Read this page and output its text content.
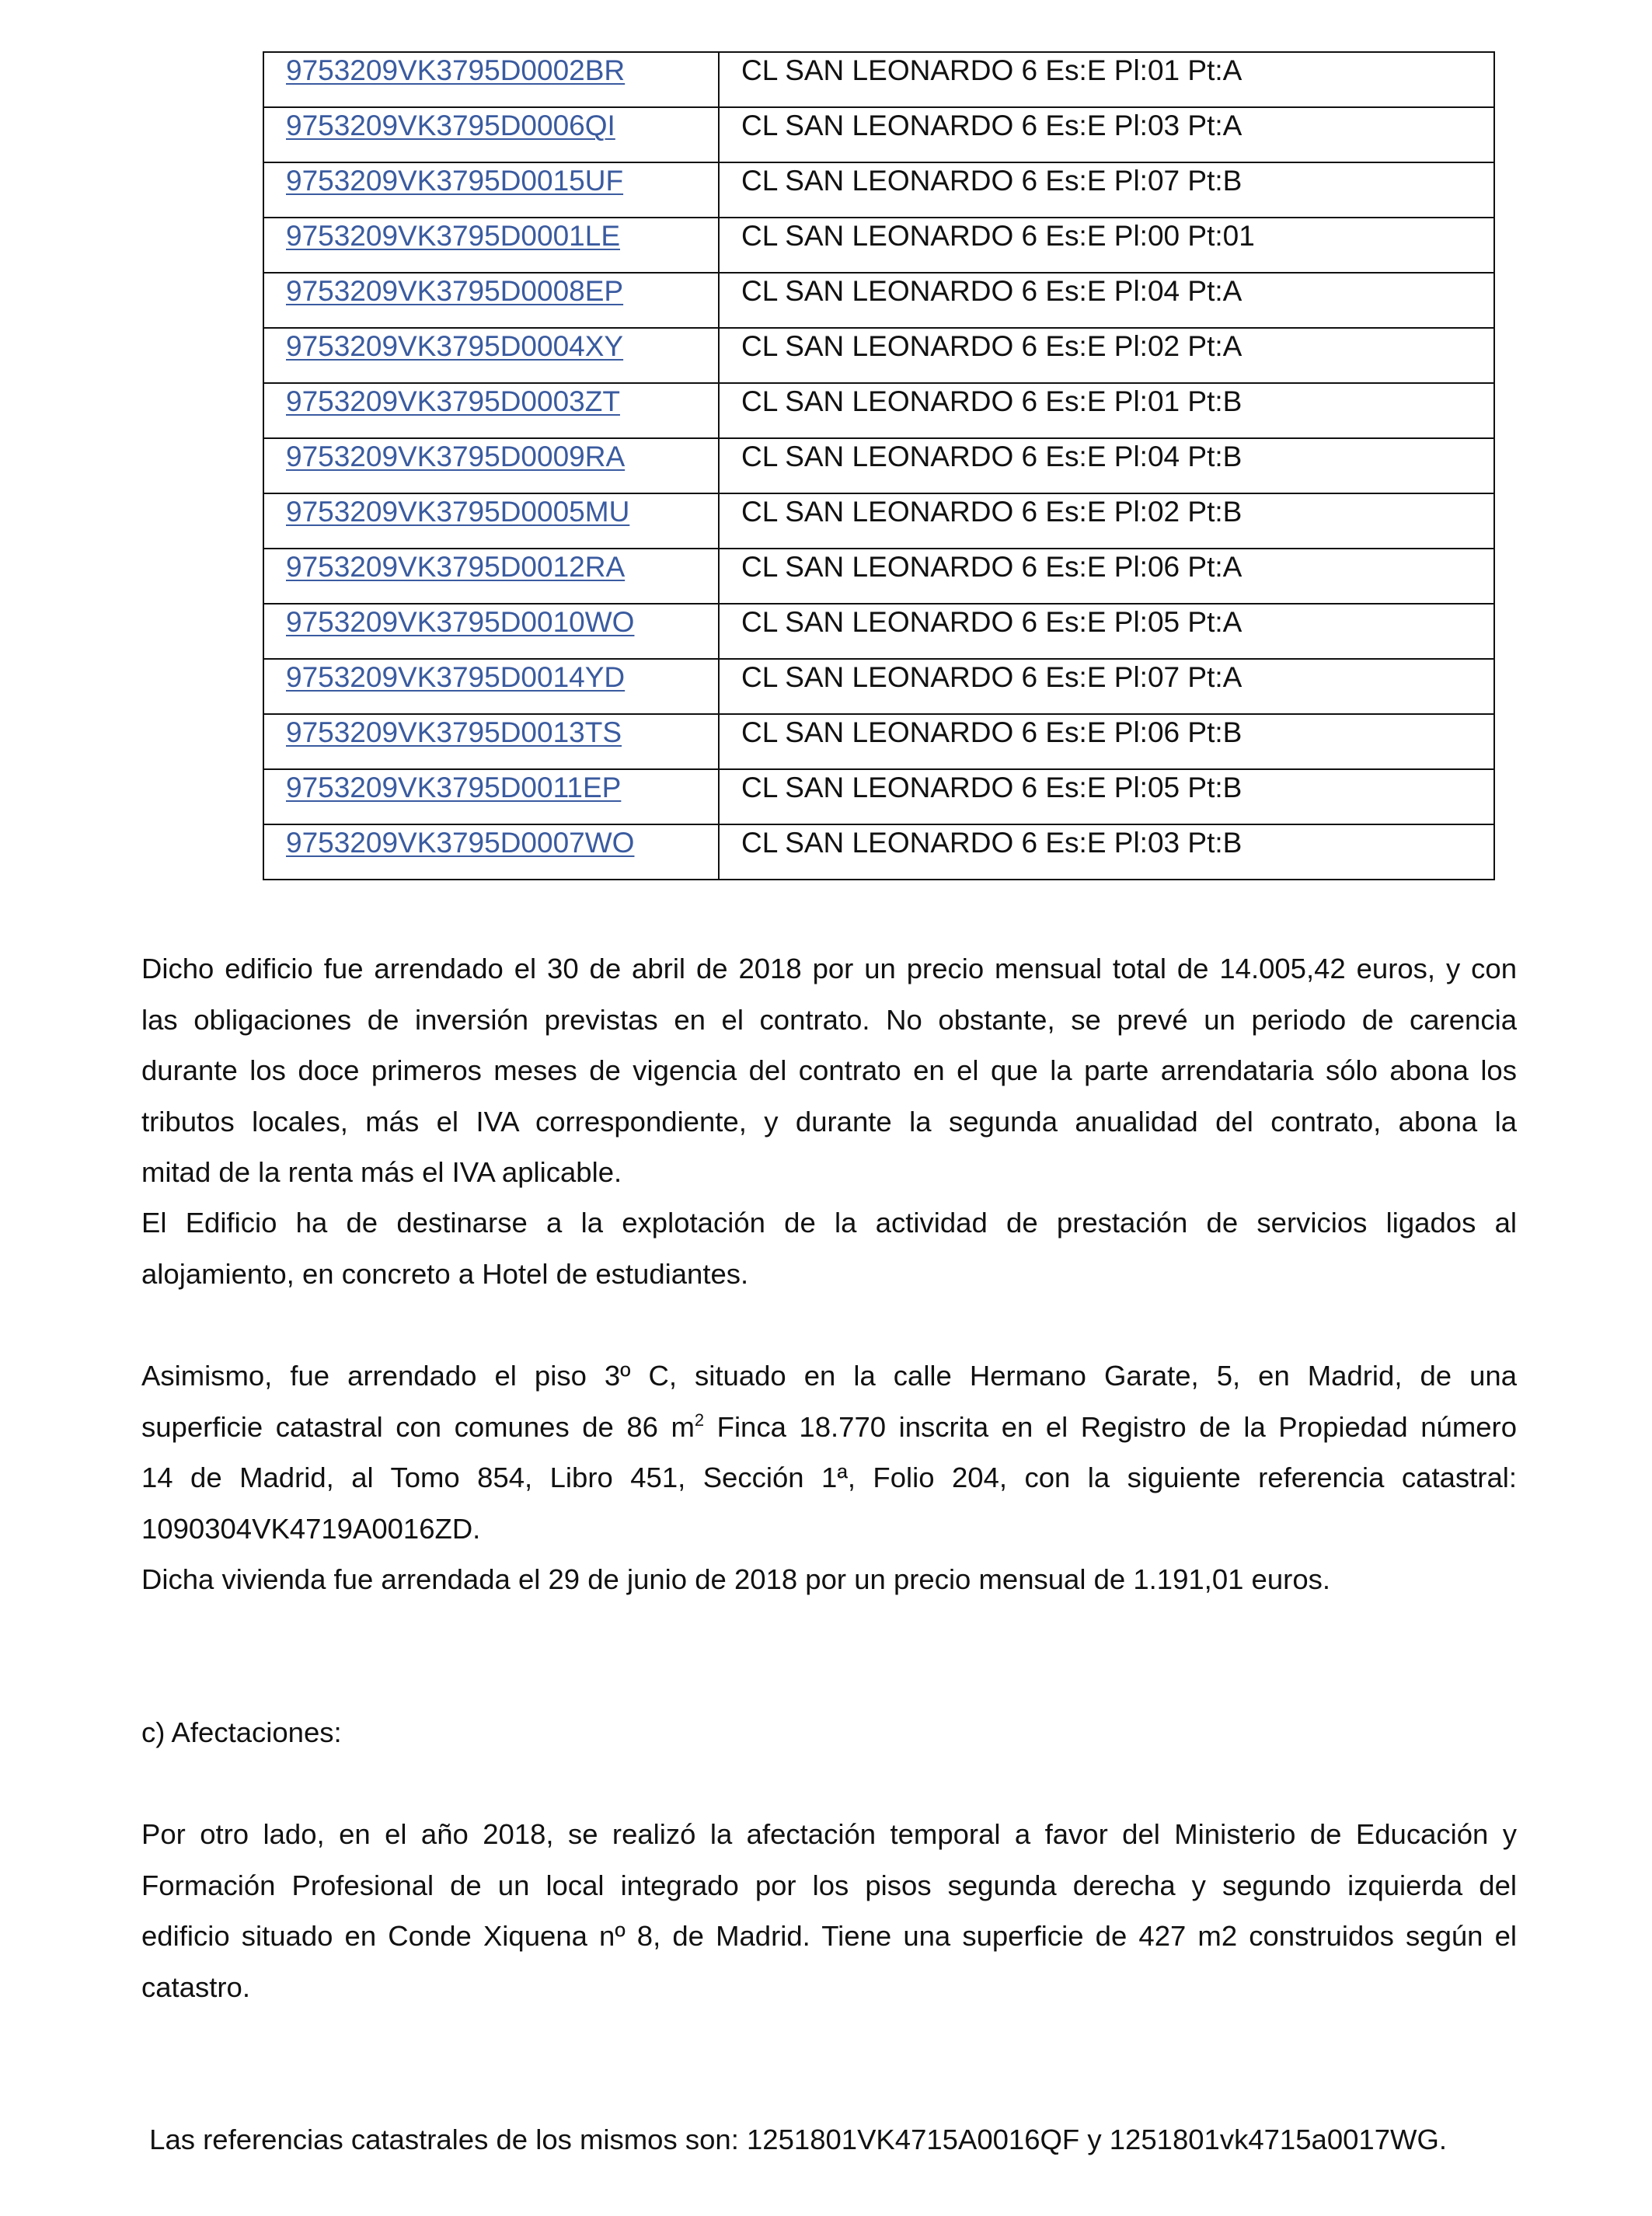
9753209VK3795D0002BR	CL SAN LEONARDO 6 Es:E Pl:01 Pt:A
9753209VK3795D0006QI	CL SAN LEONARDO 6 Es:E Pl:03 Pt:A
9753209VK3795D0015UF	CL SAN LEONARDO 6 Es:E Pl:07 Pt:B
9753209VK3795D0001LE	CL SAN LEONARDO 6 Es:E Pl:00 Pt:01
9753209VK3795D0008EP	CL SAN LEONARDO 6 Es:E Pl:04 Pt:A
9753209VK3795D0004XY	CL SAN LEONARDO 6 Es:E Pl:02 Pt:A
9753209VK3795D0003ZT	CL SAN LEONARDO 6 Es:E Pl:01 Pt:B
9753209VK3795D0009RA	CL SAN LEONARDO 6 Es:E Pl:04 Pt:B
9753209VK3795D0005MU	CL SAN LEONARDO 6 Es:E Pl:02 Pt:B
9753209VK3795D0012RA	CL SAN LEONARDO 6 Es:E Pl:06 Pt:A
9753209VK3795D0010WO	CL SAN LEONARDO 6 Es:E Pl:05 Pt:A
9753209VK3795D0014YD	CL SAN LEONARDO 6 Es:E Pl:07 Pt:A
9753209VK3795D0013TS	CL SAN LEONARDO 6 Es:E Pl:06 Pt:B
9753209VK3795D0011EP	CL SAN LEONARDO 6 Es:E Pl:05 Pt:B
9753209VK3795D0007WO	CL SAN LEONARDO 6 Es:E Pl:03 Pt:B
Dicho edificio fue arrendado el 30 de abril de 2018 por un precio mensual total de 14.005,42 euros, y con
las obligaciones de inversión previstas en el contrato. No obstante, se prevé un periodo de carencia
durante los doce primeros meses de vigencia del contrato en el que la parte arrendataria sólo abona los
tributos locales, más el IVA correspondiente, y durante la segunda anualidad del contrato, abona la
mitad de la renta más el IVA aplicable.
El Edificio ha de destinarse a la explotación de la actividad de prestación de servicios ligados al
alojamiento, en concreto a Hotel de estudiantes.
Asimismo, fue arrendado el piso 3º C, situado en la calle Hermano Garate, 5, en Madrid, de una
superficie catastral con comunes de 86 $m^2$ Finca 18.770 inscrita en el Registro de la Propiedad número
14 de Madrid, al Tomo 854, Libro 451, Sección 1ª, Folio 204, con la siguiente referencia catastral:
1090304VK4719A0016ZD.
Dicha vivienda fue arrendada el 29 de junio de 2018 por un precio mensual de 1.191,01 euros.
c) Afectaciones:
Por otro lado, en el año 2018, se realizó la afectación temporal a favor del Ministerio de Educación y
Formación Profesional de un local integrado por los pisos segunda derecha y segundo izquierda del
edificio situado en Conde Xiquena nº 8, de Madrid. Tiene una superficie de 427 m2 construidos según el
catastro.

Las referencias catastrales de los mismos son: 1251801VK4715A0016QF y 1251801vk4715a0017WG.
